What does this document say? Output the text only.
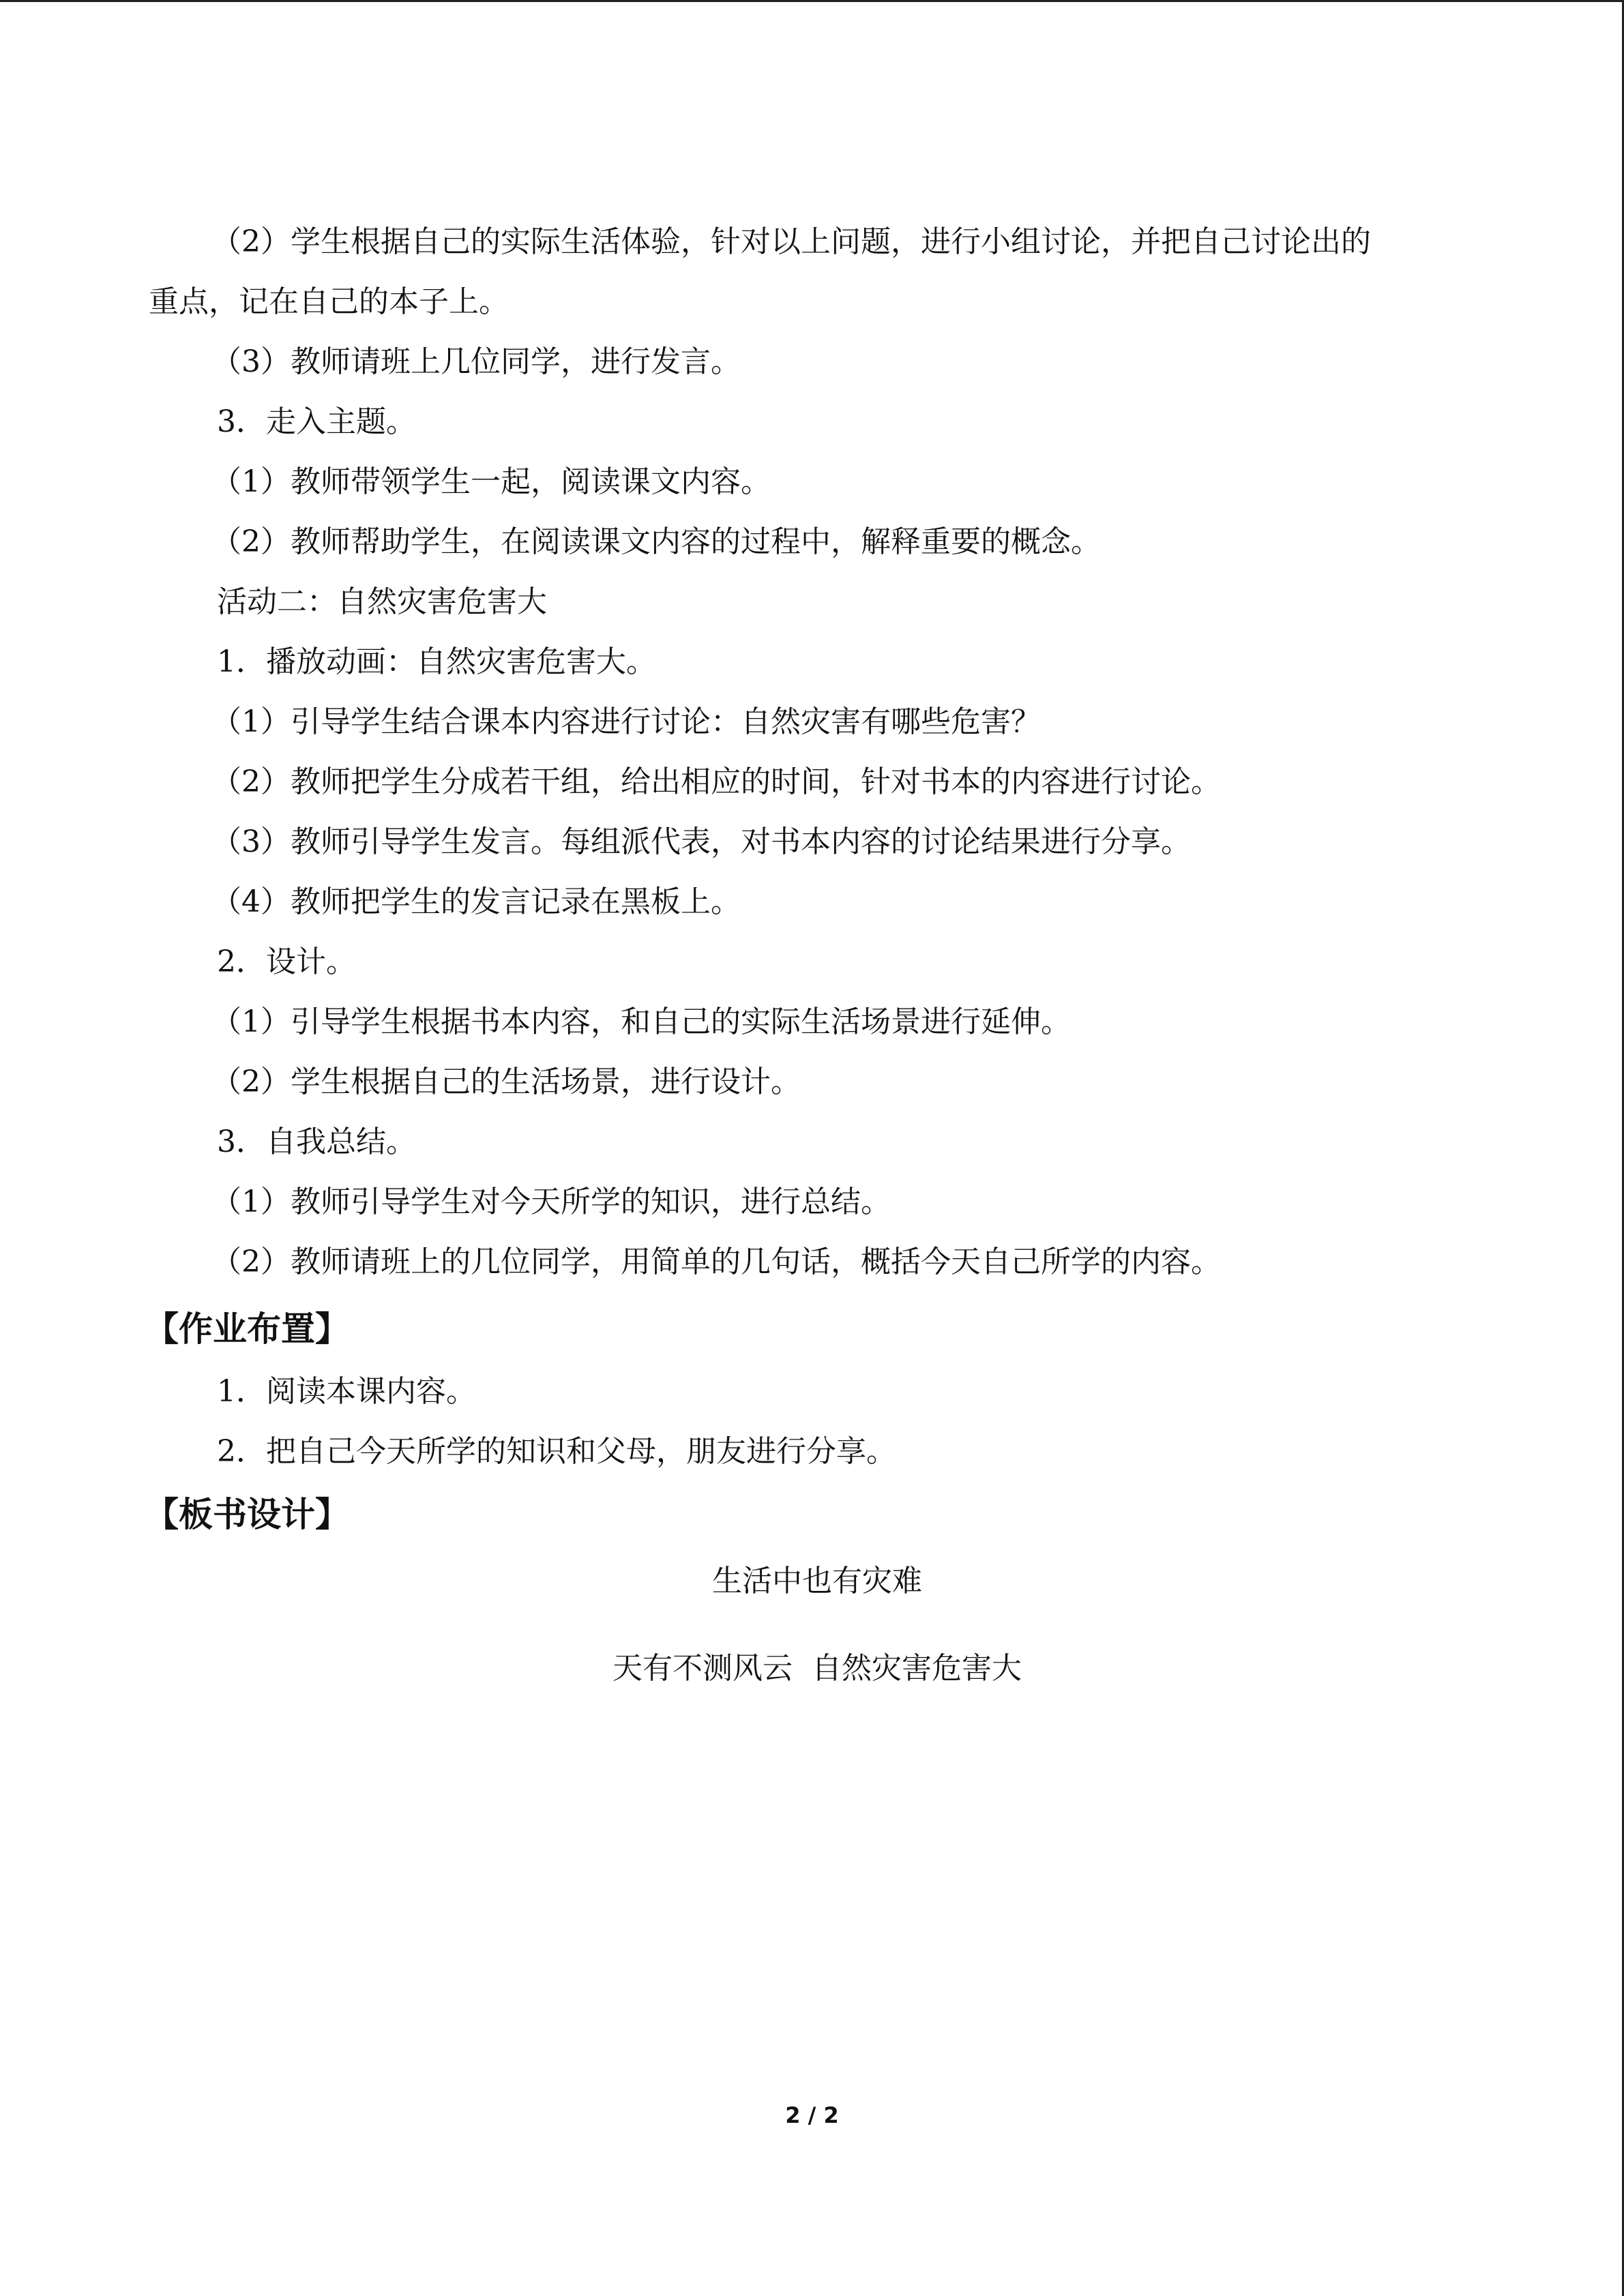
（2）学生根据自己的实际生活体验，针对以上问题，进行小组讨论，并把自己讨论出的
重点，记在自己的本子上。
（3）教师请班上几位同学，进行发言。
3．走入主题。
（1）教师带领学生一起，阅读课文内容。
（2）教师帮助学生，在阅读课文内容的过程中，解释重要的概念。
活动二：自然灾害危害大
1．播放动画：自然灾害危害大。
（1）引导学生结合课本内容进行讨论：自然灾害有哪些危害？
（2）教师把学生分成若干组，给出相应的时间，针对书本的内容进行讨论。
（3）教师引导学生发言。每组派代表，对书本内容的讨论结果进行分享。
（4）教师把学生的发言记录在黑板上。
2．设计。
（1）引导学生根据书本内容，和自己的实际生活场景进行延伸。
（2）学生根据自己的生活场景，进行设计。
3．自我总结。
（1）教师引导学生对今天所学的知识，进行总结。
（2）教师请班上的几位同学，用简单的几句话，概括今天自己所学的内容。
【作业布置】
1．阅读本课内容。
2．把自己今天所学的知识和父母，朋友进行分享。
【板书设计】
生活中也有灾难
天有不测风云  自然灾害危害大
2 / 2
